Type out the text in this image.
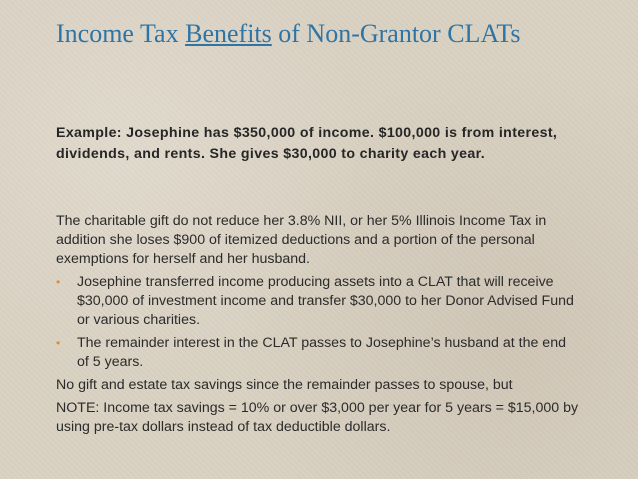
Income Tax Benefits of Non-Grantor CLATs

Example: Josephine has $350,000 of income. $100,000 is from interest, dividends, and rents. She gives $30,000 to charity each year.

The charitable gift do not reduce her 3.8% NII, or her 5% Illinois Income Tax in addition she loses $900 of itemized deductions and a portion of the personal exemptions for herself and her husband.

• Josephine transferred income producing assets into a CLAT that will receive $30,000 of investment income and transfer $30,000 to her Donor Advised Fund or various charities.
• The remainder interest in the CLAT passes to Josephine’s husband at the end of 5 years.

No gift and estate tax savings since the remainder passes to spouse, but

NOTE: Income tax savings = 10% or over $3,000 per year for 5 years = $15,000 by using pre-tax dollars instead of tax deductible dollars.
